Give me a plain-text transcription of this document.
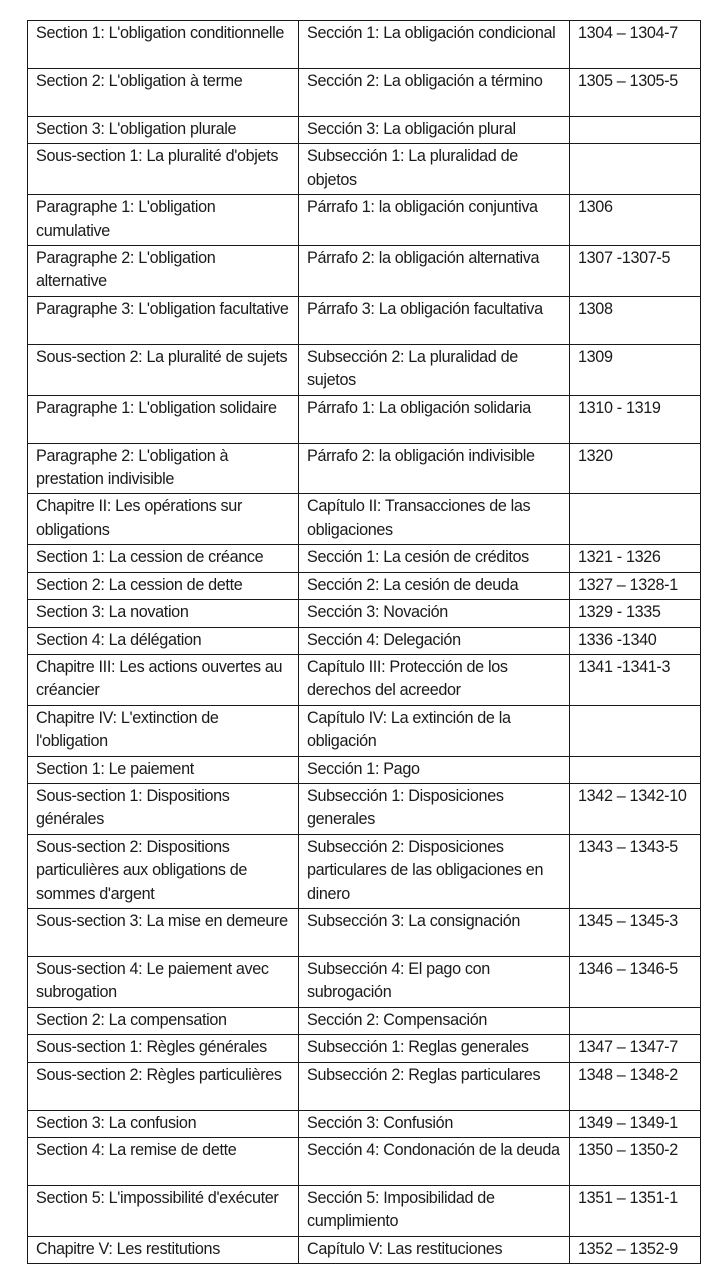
Section 1: L'obligation conditionnelle	Sección 1: La obligación condicional	1304 – 1304-7
Section 2: L'obligation à terme	Sección 2: La obligación a término	1305 – 1305-5
Section 3: L'obligation plurale	Sección 3: La obligación plural	
Sous-section 1: La pluralité d'objets	Subsección 1: La pluralidad de objetos	
Paragraphe 1: L'obligation cumulative	Párrafo 1: la obligación conjuntiva	1306
Paragraphe 2: L'obligation alternative	Párrafo 2: la obligación alternativa	1307 -1307-5
Paragraphe 3: L'obligation facultative	Párrafo 3: La obligación facultativa	1308
Sous-section 2: La pluralité de sujets	Subsección 2: La pluralidad de sujetos	1309
Paragraphe 1: L'obligation solidaire	Párrafo 1: La obligación solidaria	1310 - 1319
Paragraphe 2: L'obligation à prestation indivisible	Párrafo 2: la obligación indivisible	1320
Chapitre II: Les opérations sur obligations	Capítulo II: Transacciones de las obligaciones	
Section 1: La cession de créance	Sección 1: La cesión de créditos	1321 - 1326
Section 2: La cession de dette	Sección 2: La cesión de deuda	1327 – 1328-1
Section 3: La novation	Sección 3: Novación	1329 - 1335
Section 4: La délégation	Sección 4: Delegación	1336 -1340
Chapitre III: Les actions ouvertes au créancier	Capítulo III: Protección de los derechos del acreedor	1341 -1341-3
Chapitre IV: L'extinction de l'obligation	Capítulo IV: La extinción de la obligación	
Section 1: Le paiement	Sección 1: Pago	
Sous-section 1: Dispositions générales	Subsección 1: Disposiciones generales	1342 – 1342-10
Sous-section 2: Dispositions particulières aux obligations de sommes d'argent	Subsección 2: Disposiciones particulares de las obligaciones en dinero	1343 – 1343-5
Sous-section 3: La mise en demeure	Subsección 3: La consignación	1345 – 1345-3
Sous-section 4: Le paiement avec subrogation	Subsección 4: El pago con subrogación	1346 – 1346-5
Section 2: La compensation	Sección 2: Compensación	
Sous-section 1: Règles générales	Subsección 1: Reglas generales	1347 – 1347-7
Sous-section 2: Règles particulières	Subsección 2: Reglas particulares	1348 – 1348-2
Section 3: La confusion	Sección 3: Confusión	1349 – 1349-1
Section 4: La remise de dette	Sección 4: Condonación de la deuda	1350 – 1350-2
Section 5: L'impossibilité d'exécuter	Sección 5: Imposibilidad de cumplimiento	1351 – 1351-1
Chapitre V: Les restitutions	Capítulo V: Las restituciones	1352 – 1352-9
